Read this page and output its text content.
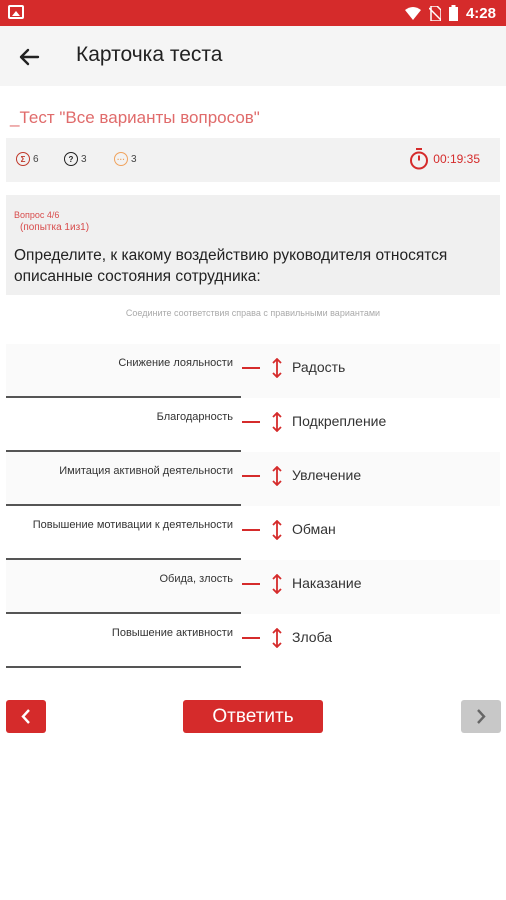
4:28
Карточка теста
_Тест "Все варианты вопросов"
Σ 6	? 3	··· 3	00:19:35
Вопрос 4/6
(попытка 1из1)
Определите, к какому воздействию руководителя относятся описанные состояния сотрудника:
Соедините соответствия справа с правильными вариантами
Снижение лояльности	Радость
Благодарность	Подкрепление
Имитация активной деятельности	Увлечение
Повышение мотивации к деятельности	Обман
Обида, злость	Наказание
Повышение активности	Злоба
Ответить
